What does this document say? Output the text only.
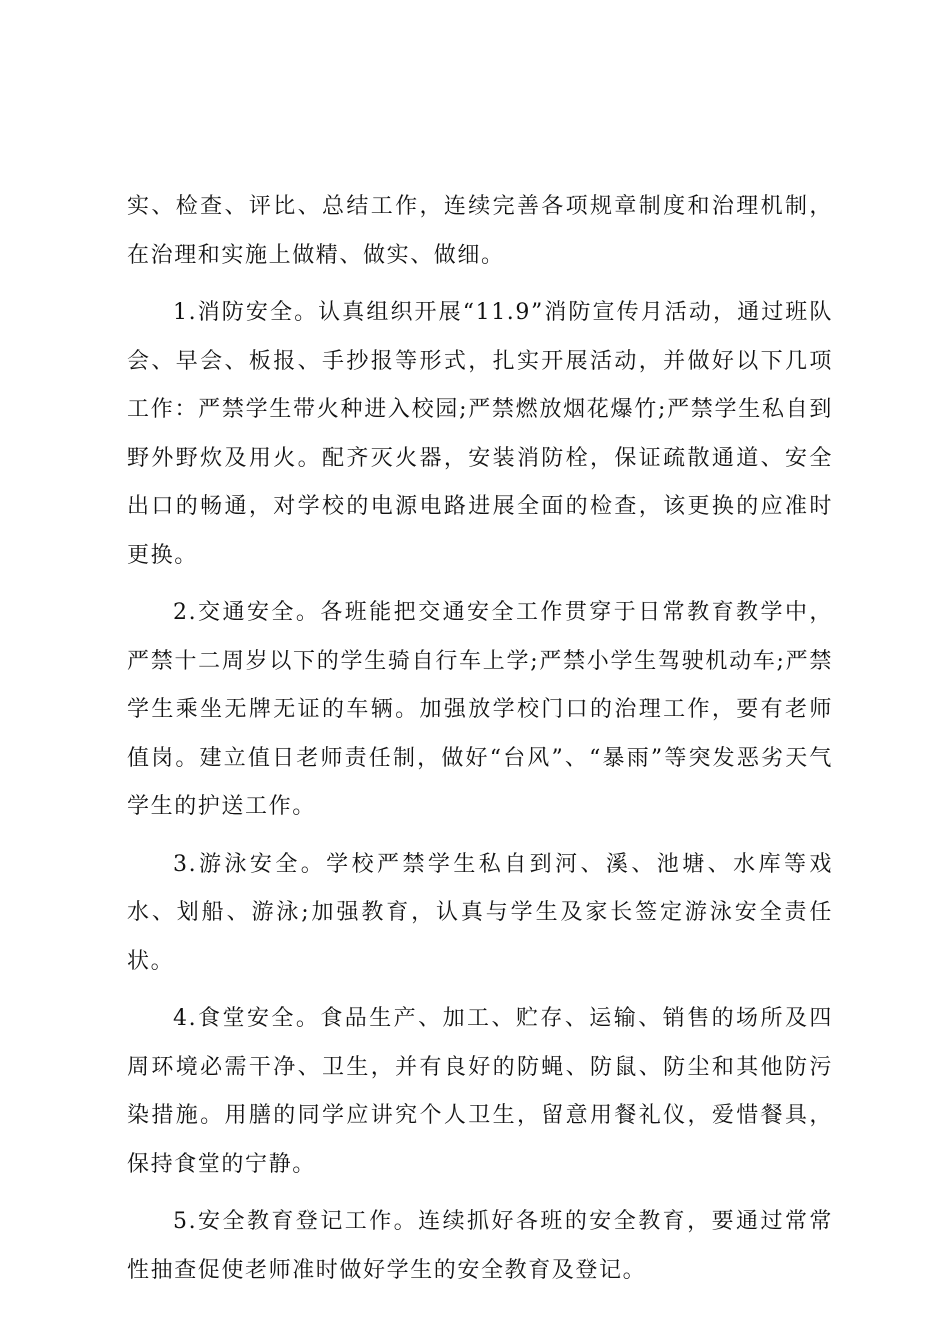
实、检查、评比、总结工作，连续完善各项规章制度和治理机制，在治理和实施上做精、做实、做细。

1.消防安全。认真组织开展“11.9”消防宣传月活动，通过班队会、早会、板报、手抄报等形式，扎实开展活动，并做好以下几项工作：严禁学生带火种进入校园;严禁燃放烟花爆竹;严禁学生私自到野外野炊及用火。配齐灭火器，安装消防栓，保证疏散通道、安全出口的畅通，对学校的电源电路进展全面的检查，该更换的应准时更换。

2.交通安全。各班能把交通安全工作贯穿于日常教育教学中，严禁十二周岁以下的学生骑自行车上学;严禁小学生驾驶机动车;严禁学生乘坐无牌无证的车辆。加强放学校门口的治理工作，要有老师值岗。建立值日老师责任制，做好“台风”、“暴雨”等突发恶劣天气学生的护送工作。

3.游泳安全。学校严禁学生私自到河、溪、池塘、水库等戏水、划船、游泳;加强教育，认真与学生及家长签定游泳安全责任状。

4.食堂安全。食品生产、加工、贮存、运输、销售的场所及四周环境必需干净、卫生，并有良好的防蝇、防鼠、防尘和其他防污染措施。用膳的同学应讲究个人卫生，留意用餐礼仪，爱惜餐具，保持食堂的宁静。

5.安全教育登记工作。连续抓好各班的安全教育，要通过常常性抽查促使老师准时做好学生的安全教育及登记。
